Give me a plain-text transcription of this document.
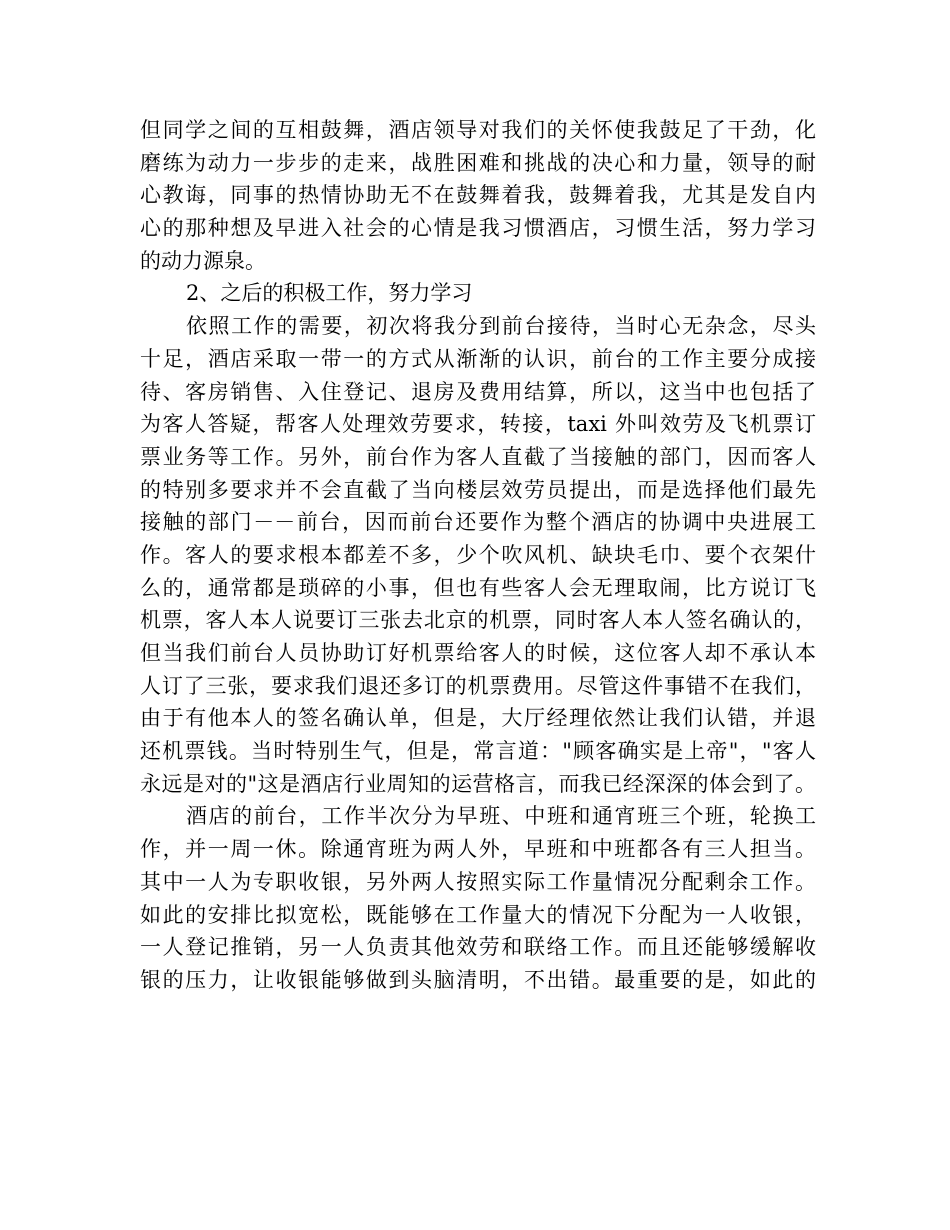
但同学之间的互相鼓舞，酒店领导对我们的关怀使我鼓足了干劲，化
磨练为动力一步步的走来，战胜困难和挑战的决心和力量，领导的耐
心教诲，同事的热情协助无不在鼓舞着我，鼓舞着我，尤其是发自内
心的那种想及早进入社会的心情是我习惯酒店，习惯生活，努力学习
的动力源泉。
2、之后的积极工作，努力学习
依照工作的需要，初次将我分到前台接待，当时心无杂念，尽头
十足，酒店采取一带一的方式从渐渐的认识，前台的工作主要分成接
待、客房销售、入住登记、退房及费用结算，所以，这当中也包括了
为客人答疑，帮客人处理效劳要求，转接，taxi 外叫效劳及飞机票订
票业务等工作。另外，前台作为客人直截了当接触的部门，因而客人
的特别多要求并不会直截了当向楼层效劳员提出，而是选择他们最先
接触的部门－－前台，因而前台还要作为整个酒店的协调中央进展工
作。客人的要求根本都差不多，少个吹风机、缺块毛巾、要个衣架什
么的，通常都是琐碎的小事，但也有些客人会无理取闹，比方说订飞
机票，客人本人说要订三张去北京的机票，同时客人本人签名确认的，
但当我们前台人员协助订好机票给客人的时候，这位客人却不承认本
人订了三张，要求我们退还多订的机票费用。尽管这件事错不在我们，
由于有他本人的签名确认单，但是，大厅经理依然让我们认错，并退
还机票钱。当时特别生气，但是，常言道："顾客确实是上帝"，"客人
永远是对的"这是酒店行业周知的运营格言，而我已经深深的体会到了。
酒店的前台，工作半次分为早班、中班和通宵班三个班，轮换工
作，并一周一休。除通宵班为两人外，早班和中班都各有三人担当。
其中一人为专职收银，另外两人按照实际工作量情况分配剩余工作。
如此的安排比拟宽松，既能够在工作量大的情况下分配为一人收银，
一人登记推销，另一人负责其他效劳和联络工作。而且还能够缓解收
银的压力，让收银能够做到头脑清明，不出错。最重要的是，如此的
